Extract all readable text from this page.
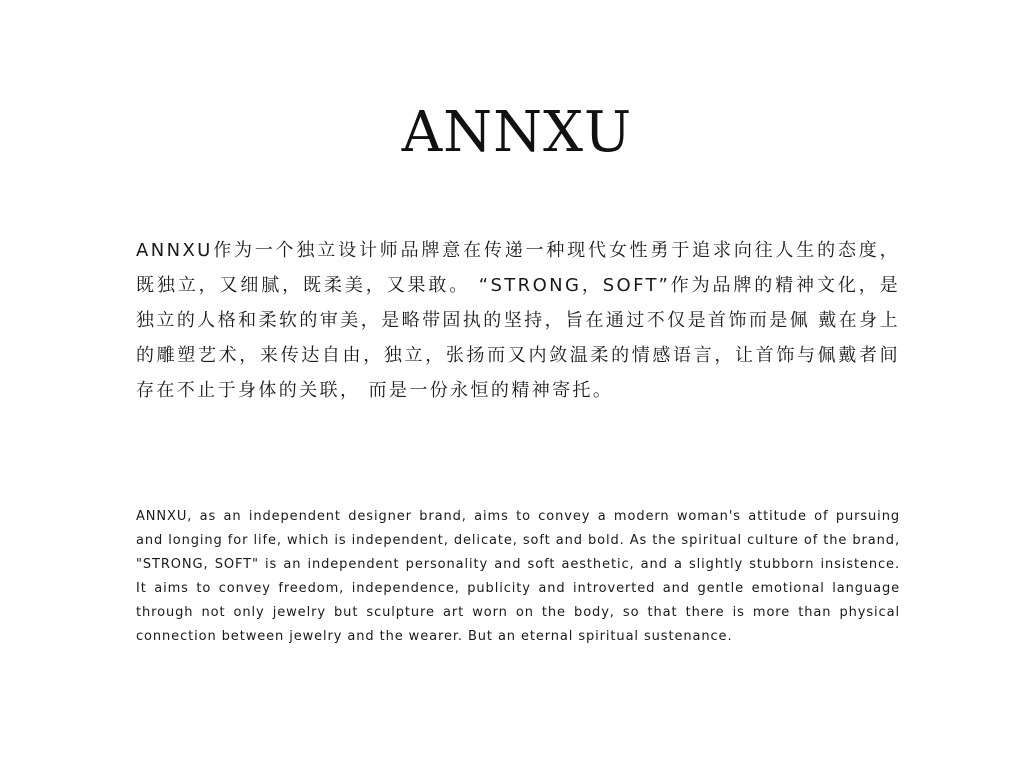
ANNXU

ANNXU作为一个独立设计师品牌意在传递一种现代女性勇于追求向往人生的态度，既独立，又细腻，既柔美，又果敢。 “STRONG，SOFT”作为品牌的精神文化，是独立的人格和柔软的审美，是略带固执的坚持，旨在通过不仅是首饰而是佩 戴在身上的雕塑艺术，来传达自由，独立，张扬而又内敛温柔的情感语言，让首饰与佩戴者间存在不止于身体的关联， 而是一份永恒的精神寄托。

ANNXU, as an independent designer brand, aims to convey a modern woman's attitude of pursuing and longing for life, which is independent, delicate, soft and bold. As the spiritual culture of the brand, "STRONG, SOFT" is an independent personality and soft aesthetic, and a slightly stubborn insistence. It aims to convey freedom, independence, publicity and introverted and gentle emotional language through not only jewelry but sculpture art worn on the body, so that there is more than physical connection between jewelry and the wearer. But an eternal spiritual sustenance.
